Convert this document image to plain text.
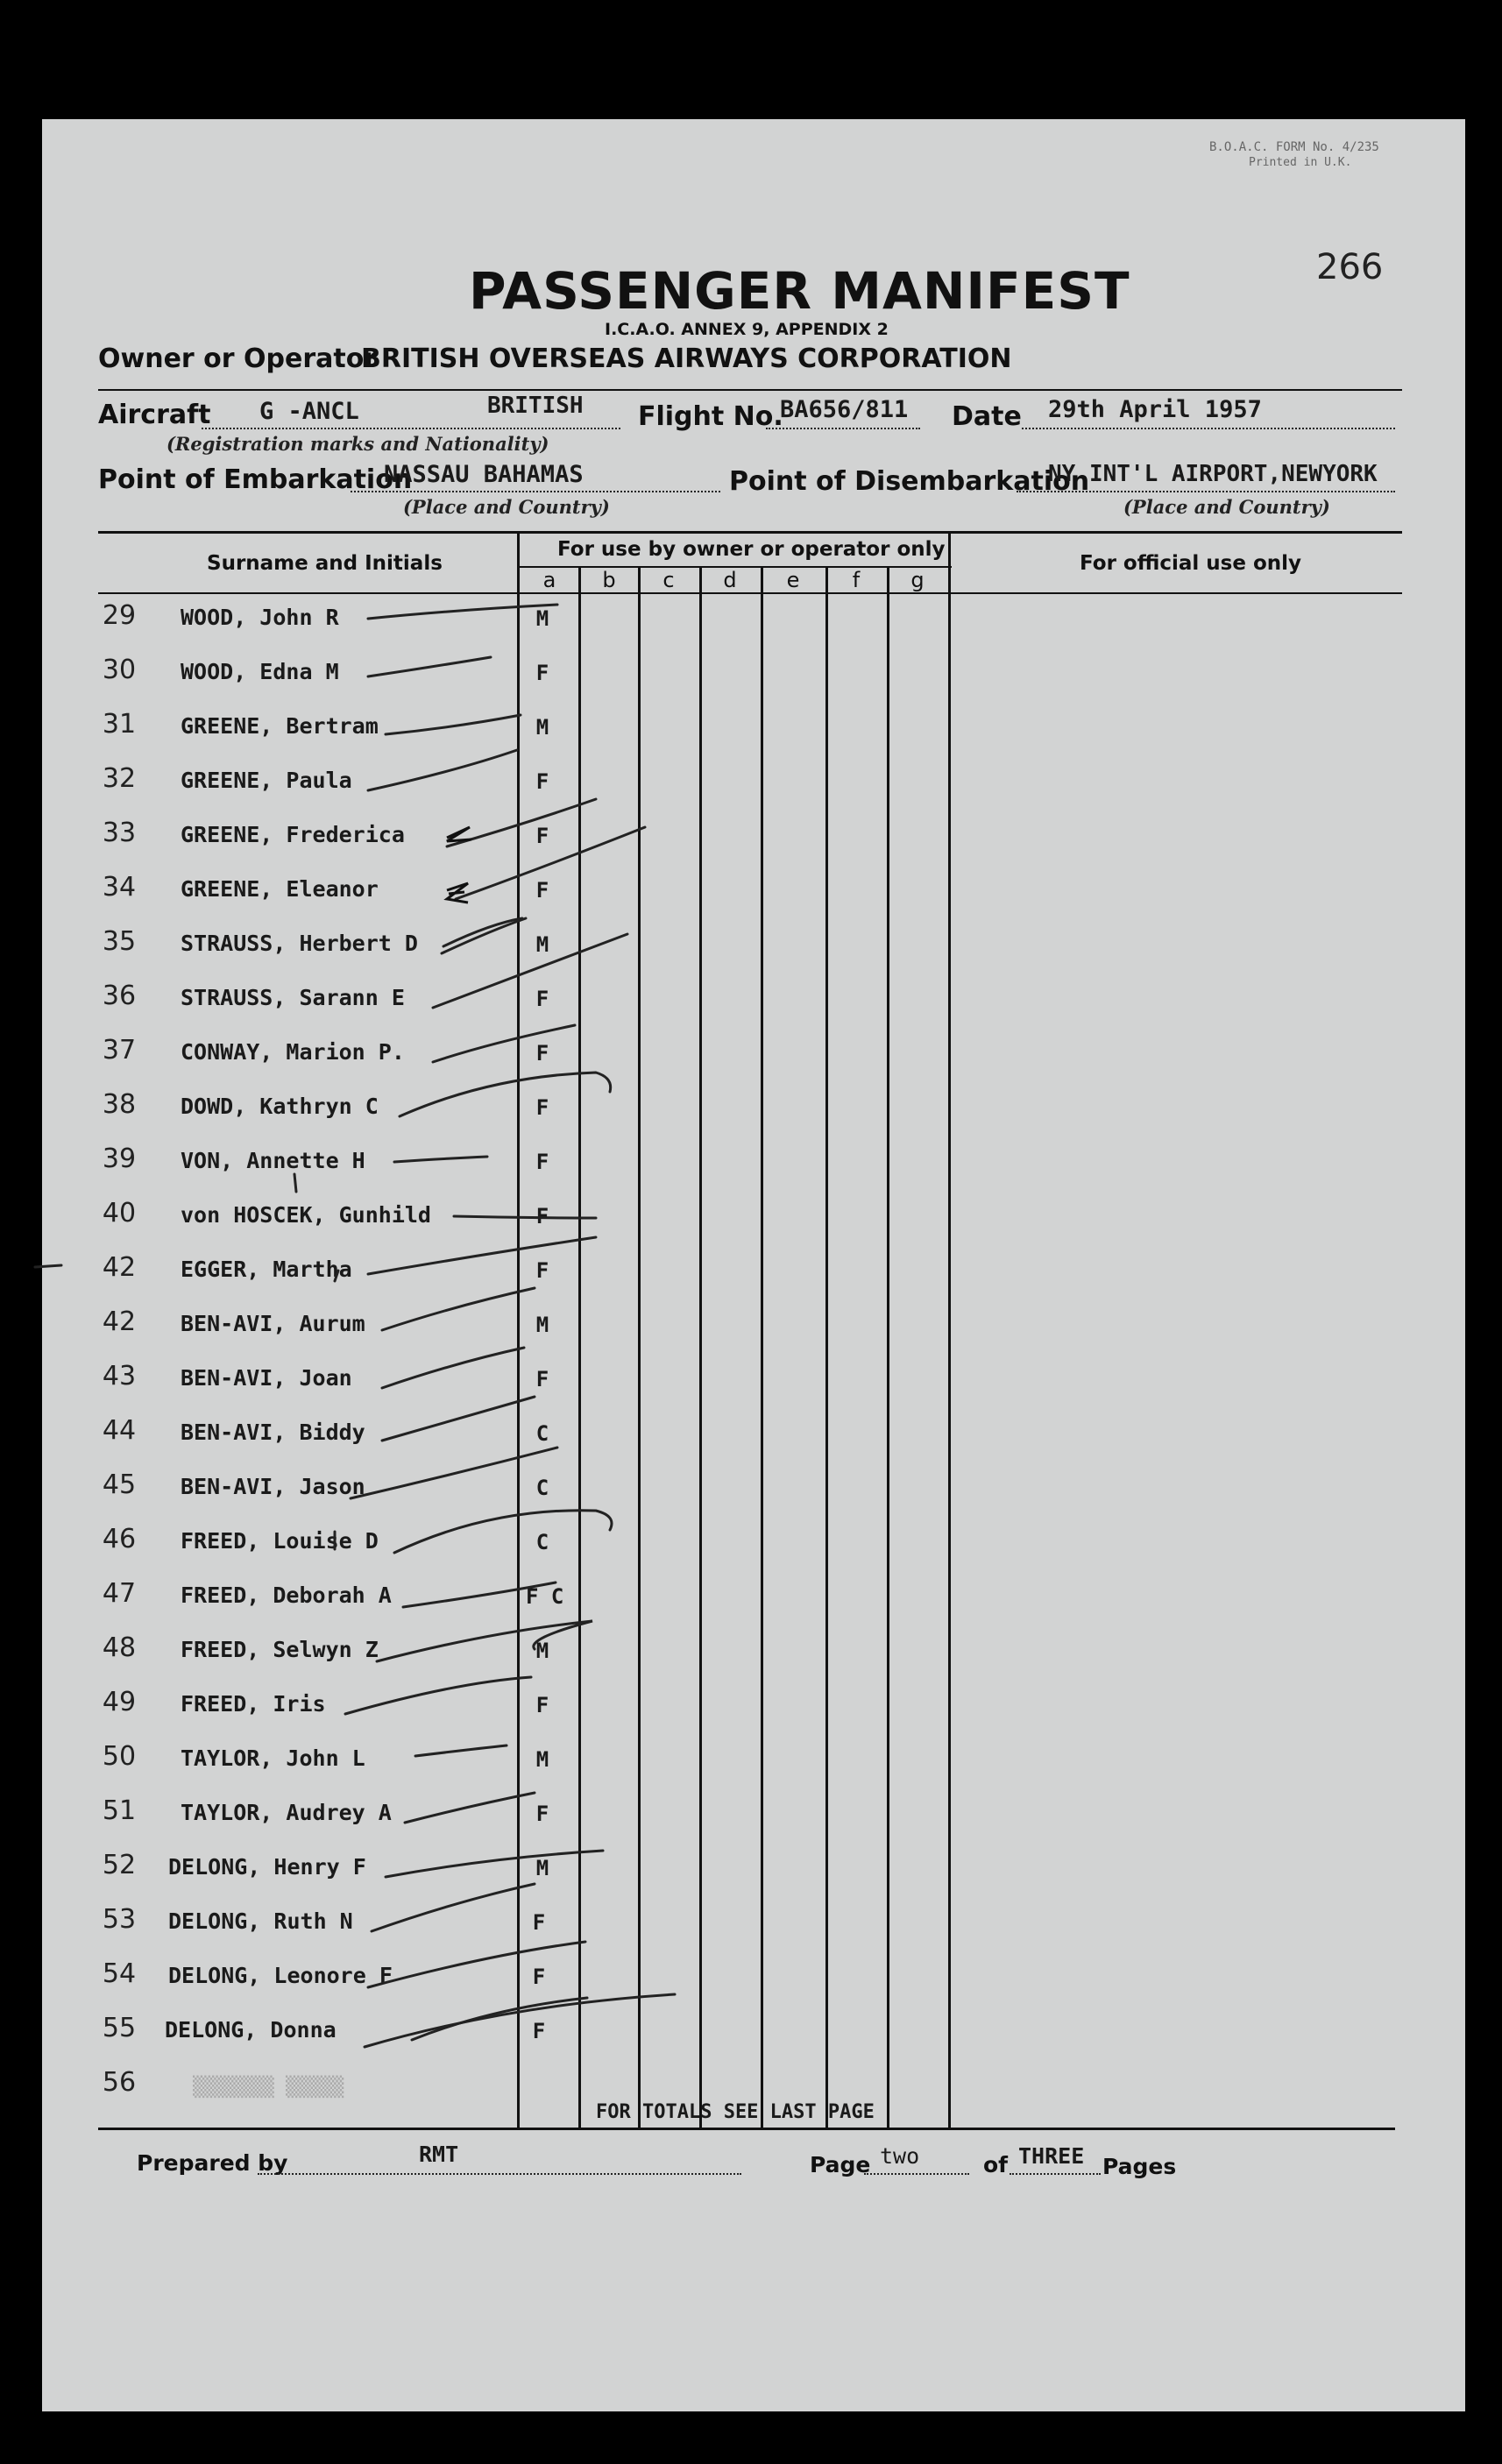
B.O.A.C. FORM No. 4/235
Printed in U.K.
266
PASSENGER MANIFEST
I.C.A.O. ANNEX 9, APPENDIX 2
Owner or Operator
BRITISH OVERSEAS AIRWAYS CORPORATION
Aircraft G -ANCL	BRITISH
(Registration marks and Nationality)
Flight No.
BA656/811 Date 29th April 1957
Point of Embarkation
NASSAU BAHAMAS
(Place and Country)
Point of Disembarkation
NY INT'L AIRPORT,NEWYORK
(Place and Country)
Surname and Initials
For use by owner or operator only
For official use only
a	b	c	d	e	f	g
29	WOOD, John R	M
30	WOOD, Edna M	F
31	GREENE, Bertram	M
32	GREENE, Paula	F
33	GREENE, Frederica	F
34	GREENE, Eleanor	F
35	STRAUSS, Herbert D	M
36	STRAUSS, Sarann E	F
37	CONWAY, Marion P.	F
38	DOWD, Kathryn C	F
39	VON, Annette H	F
40	von HOSCEK, Gunhild	F
42	EGGER, Martha	F
42	BEN-AVI, Aurum	M
43	BEN-AVI, Joan	F
44	BEN-AVI, Biddy	C
45	BEN-AVI, Jason	C
46	FREED, Louise D	C
47	FREED, Deborah A	F C
48	FREED, Selwyn Z	M
49	FREED, Iris	F
50	TAYLOR, John L	M
51	TAYLOR, Audrey A	F
52	DELONG, Henry F	M
53	DELONG, Ruth N	F
54	DELONG, Leonore F	F
55	DELONG, Donna	F
56	▒▒▒▒▒▒▒ ▒▒▒▒▒
FOR TOTALS SEE LAST PAGE
Prepared by	RMT	Page two	of THREE Pages
